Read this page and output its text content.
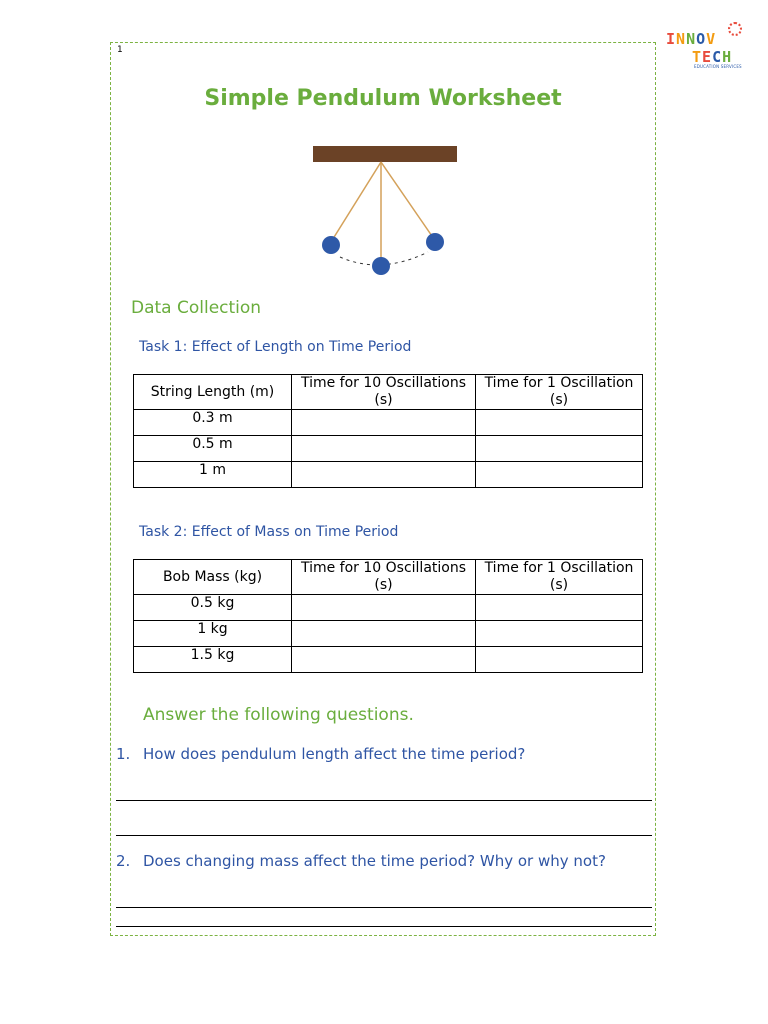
1
INNOV
TECH
EDUCATION SERVICES
Simple Pendulum Worksheet
Data Collection
Task 1: Effect of Length on Time Period
String Length (m)	Time for 10 Oscillations (s)	Time for 1 Oscillation (s)
0.3 m		
0.5 m		
1 m		
Task 2: Effect of Mass on Time Period
Bob Mass (kg)	Time for 10 Oscillations (s)	Time for 1 Oscillation (s)
0.5 kg		
1 kg		
1.5 kg		
Answer the following questions.
1. How does pendulum length affect the time period?
2. Does changing mass affect the time period? Why or why not?
